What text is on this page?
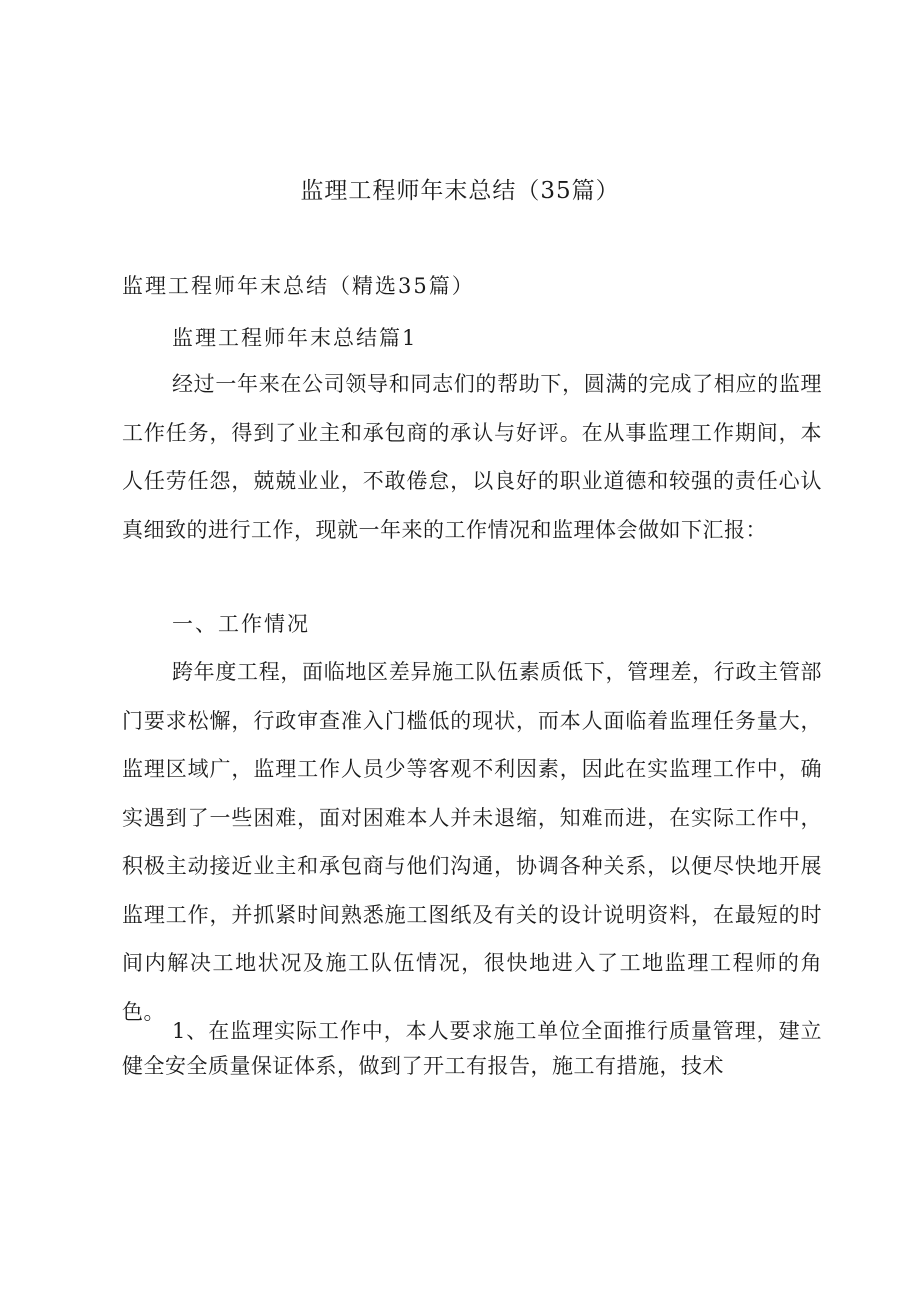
监理工程师年末总结（35篇）
监理工程师年末总结（精选35篇）
监理工程师年末总结篇1
经过一年来在公司领导和同志们的帮助下，圆满的完成了相应的监理工作任务，得到了业主和承包商的承认与好评。在从事监理工作期间，本人任劳任怨，兢兢业业，不敢倦怠，以良好的职业道德和较强的责任心认真细致的进行工作，现就一年来的工作情况和监理体会做如下汇报：
一、工作情况
跨年度工程，面临地区差异施工队伍素质低下，管理差，行政主管部门要求松懈，行政审查准入门槛低的现状，而本人面临着监理任务量大，监理区域广，监理工作人员少等客观不利因素，因此在实监理工作中，确实遇到了一些困难，面对困难本人并未退缩，知难而进，在实际工作中，积极主动接近业主和承包商与他们沟通，协调各种关系，以便尽快地开展监理工作，并抓紧时间熟悉施工图纸及有关的设计说明资料，在最短的时间内解决工地状况及施工队伍情况，很快地进入了工地监理工程师的角色。
1、在监理实际工作中，本人要求施工单位全面推行质量管理，建立健全安全质量保证体系，做到了开工有报告，施工有措施，技术
